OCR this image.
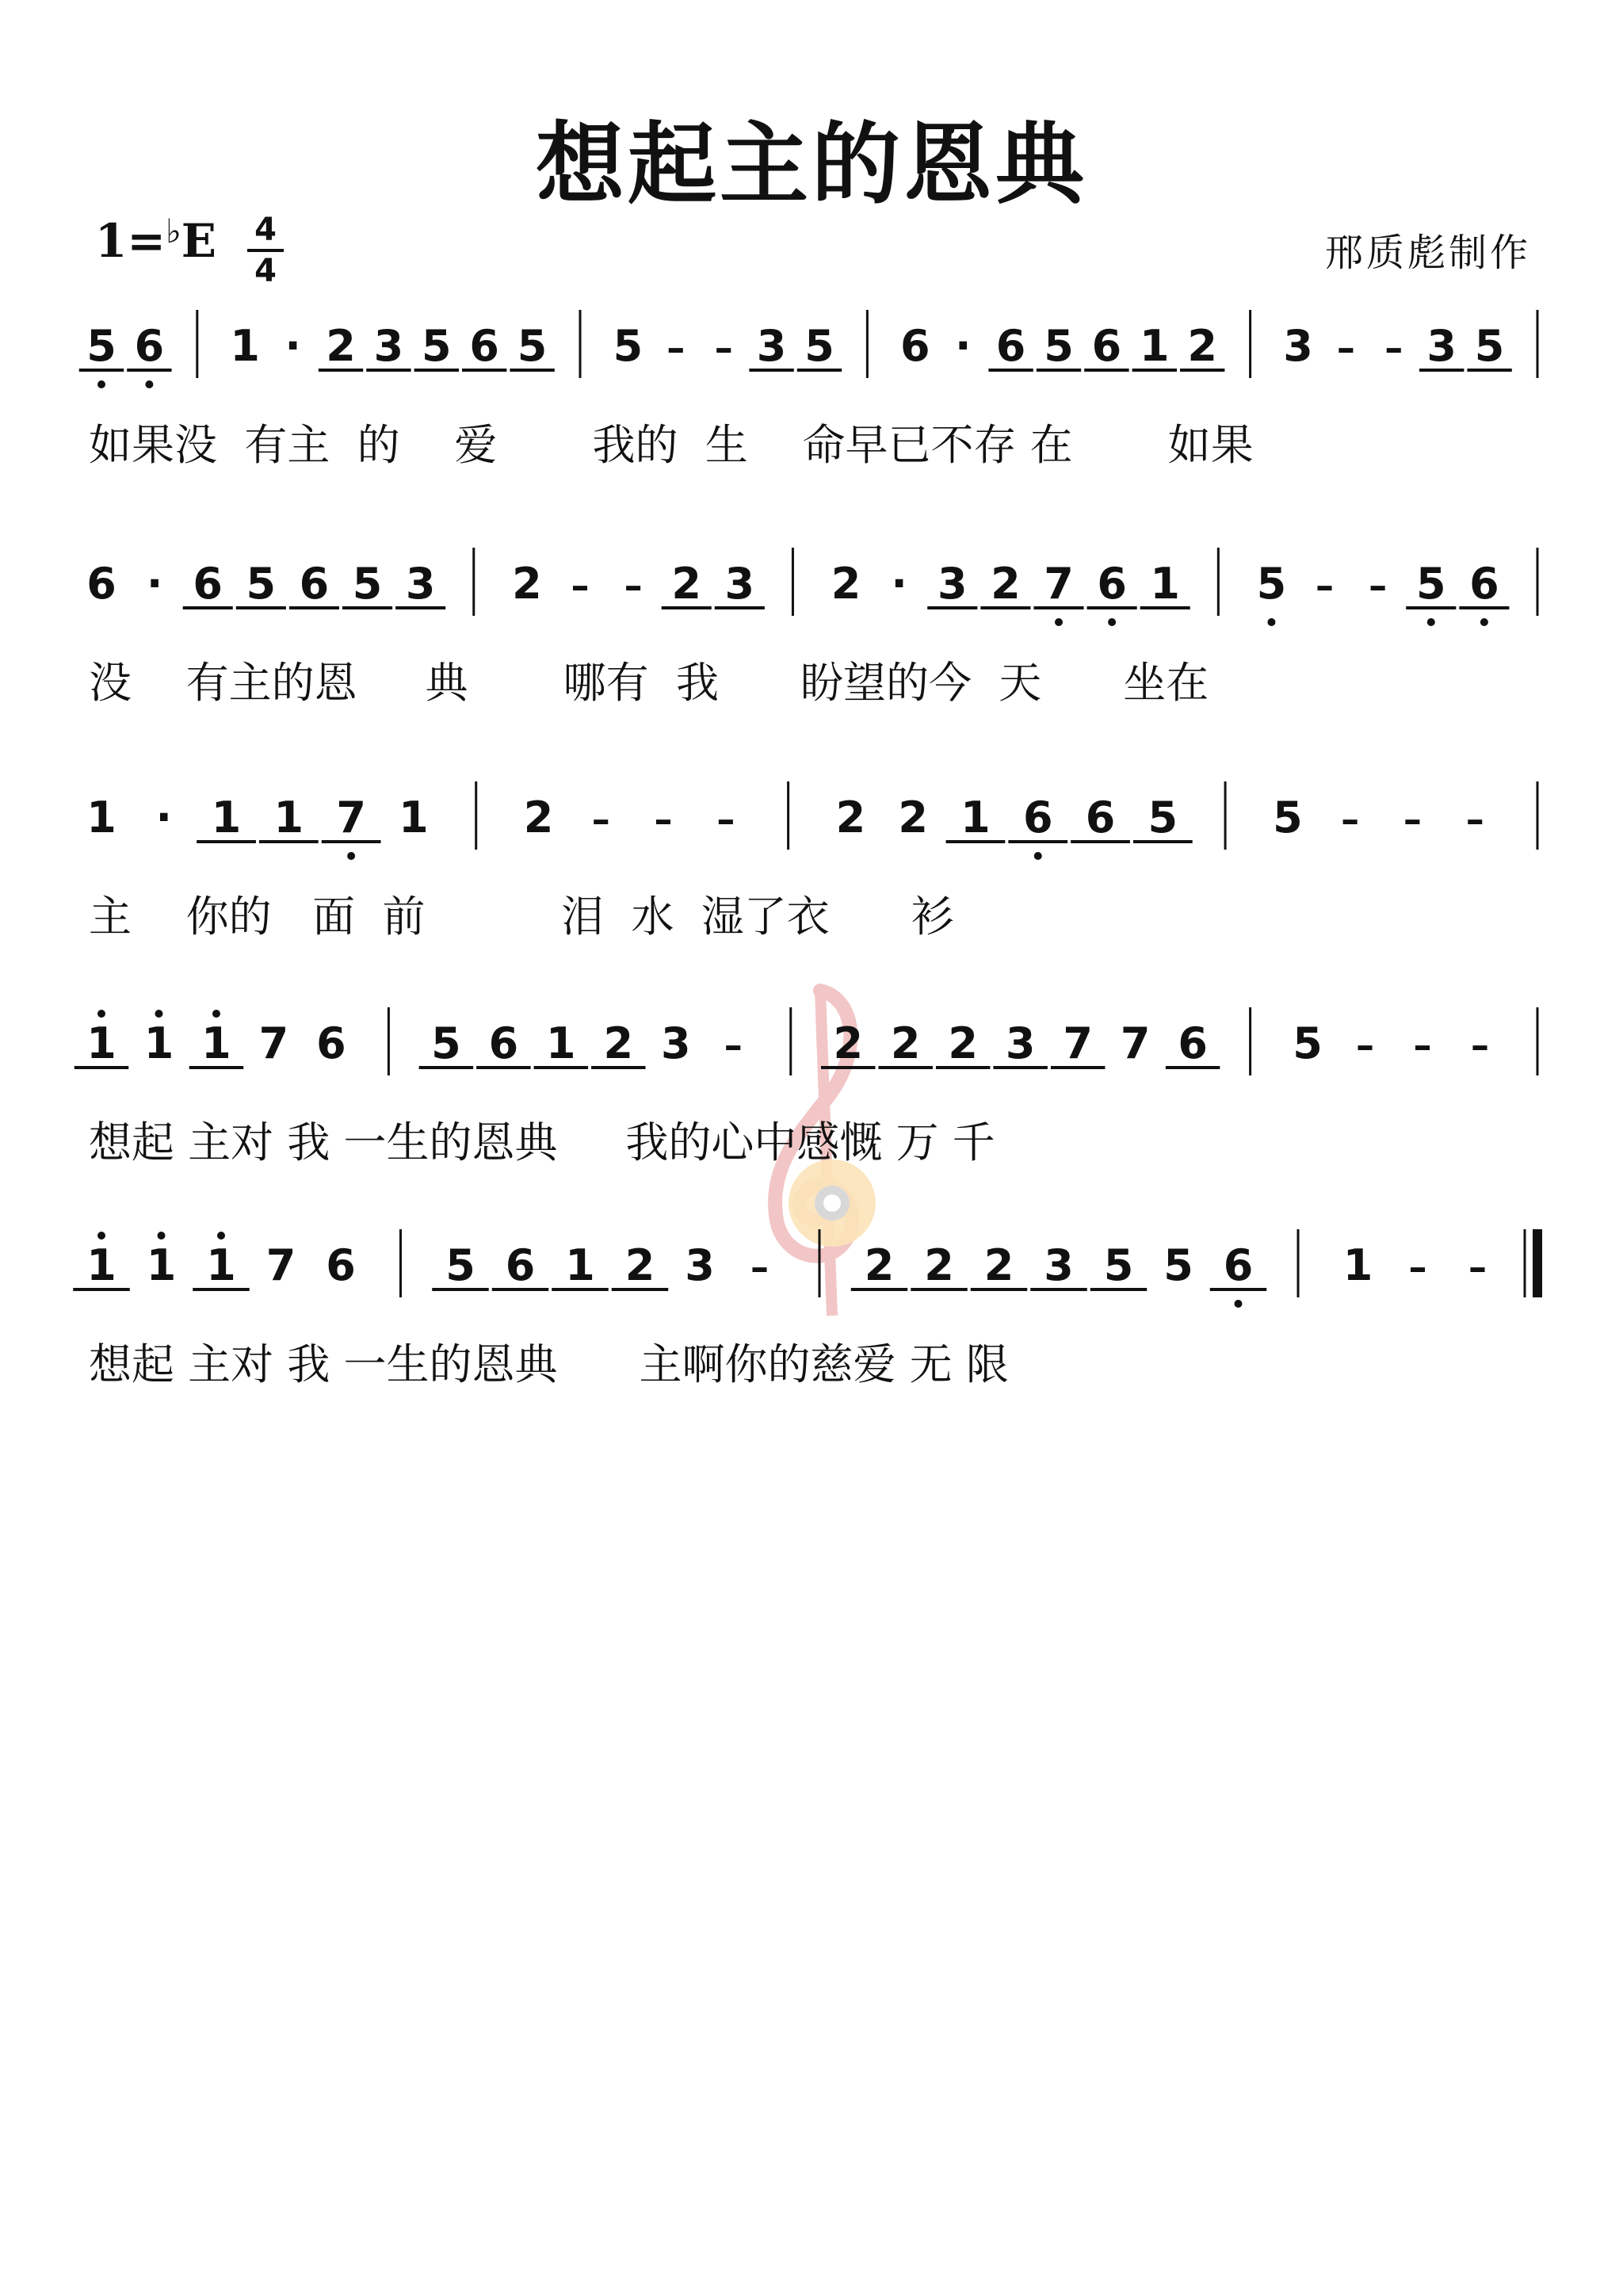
想起主的恩典
1=♭E 4
4	邢质彪制作
5 6 1 · 2 3 5 6 5 5 – – 3 5 6 · 6 5 6 1 2 3 – – 3 5
如果没  有主  的    爱       我的  生    命早已不存 在       如果
6 · 6 5 6 5 3 2 – – 2 3 2 · 3 2 7 6 1 5 – – 5 6
没    有主的恩     典       哪有  我      盼望的今  天      坐在
1 · 1 1 7 1 2 – – – 2 2 1 6 6 5 5 – – –
主    你的   面  前          泪  水  湿了衣      衫
1 1 1 7 6 5 6 1 2 3 – 2 2 2 3 7 7 6 5 – – –
想起 主对 我 一生的恩典     我的心中感慨 万 千
1 1 1 7 6 5 6 1 2 3 – 2 2 2 3 5 5 6 1 – –
想起 主对 我 一生的恩典      主啊你的慈爱 无 限
